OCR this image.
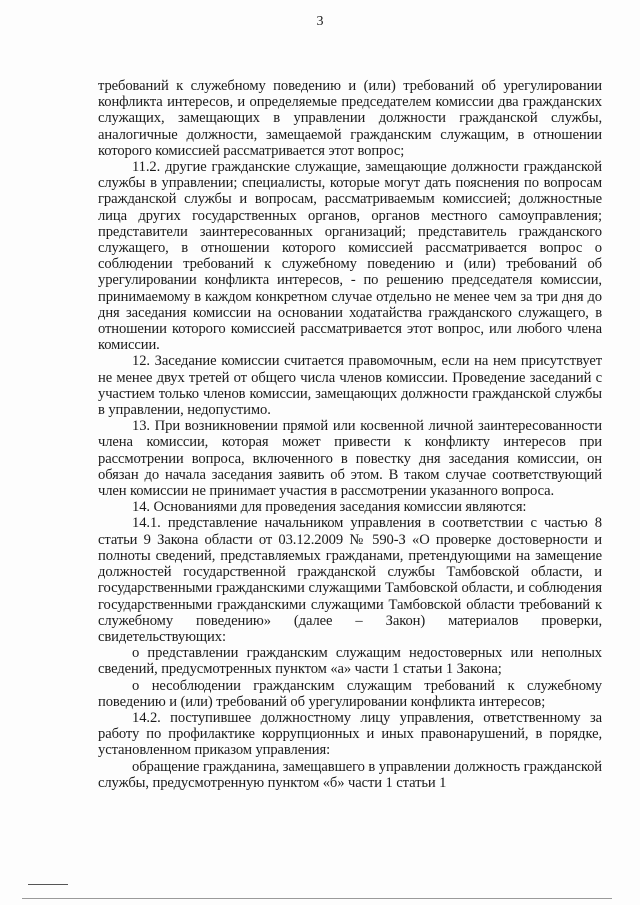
3

требований к служебному поведению и (или) требований об урегулировании конфликта интересов, и определяемые председателем комиссии два гражданских служащих, замещающих в управлении должности гражданской службы, аналогичные должности, замещаемой гражданским служащим, в отношении которого комиссией рассматривается этот вопрос;

11.2. другие гражданские служащие, замещающие должности гражданской службы в управлении; специалисты, которые могут дать пояснения по вопросам гражданской службы и вопросам, рассматриваемым комиссией; должностные лица других государственных органов, органов местного самоуправления; представители заинтересованных организаций; представитель гражданского служащего, в отношении которого комиссией рассматривается вопрос о соблюдении требований к служебному поведению и (или) требований об урегулировании конфликта интересов, - по решению председателя комиссии, принимаемому в каждом конкретном случае отдельно не менее чем за три дня до дня заседания комиссии на основании ходатайства гражданского служащего, в отношении которого комиссией рассматривается этот вопрос, или любого члена комиссии.

12. Заседание комиссии считается правомочным, если на нем присутствует не менее двух третей от общего числа членов комиссии. Проведение заседаний с участием только членов комиссии, замещающих должности гражданской службы в управлении, недопустимо.

13. При возникновении прямой или косвенной личной заинтересованности члена комиссии, которая может привести к конфликту интересов при рассмотрении вопроса, включенного в повестку дня заседания комиссии, он обязан до начала заседания заявить об этом. В таком случае соответствующий член комиссии не принимает участия в рассмотрении указанного вопроса.

14. Основаниями для проведения заседания комиссии являются:

14.1. представление начальником управления в соответствии с частью 8 статьи 9 Закона области от 03.12.2009 № 590-З «О проверке достоверности и полноты сведений, представляемых гражданами, претендующими на замещение должностей государственной гражданской службы Тамбовской области, и государственными гражданскими служащими Тамбовской области, и соблюдения государственными гражданскими служащими Тамбовской области требований к служебному поведению» (далее – Закон) материалов проверки, свидетельствующих:

о представлении гражданским служащим недостоверных или неполных сведений, предусмотренных пунктом «а» части 1 статьи 1 Закона;

о несоблюдении гражданским служащим требований к служебному поведению и (или) требований об урегулировании конфликта интересов;

14.2. поступившее должностному лицу управления, ответственному за работу по профилактике коррупционных и иных правонарушений, в порядке, установленном приказом управления:

обращение гражданина, замещавшего в управлении должность гражданской службы, предусмотренную пунктом «б» части 1 статьи 1
